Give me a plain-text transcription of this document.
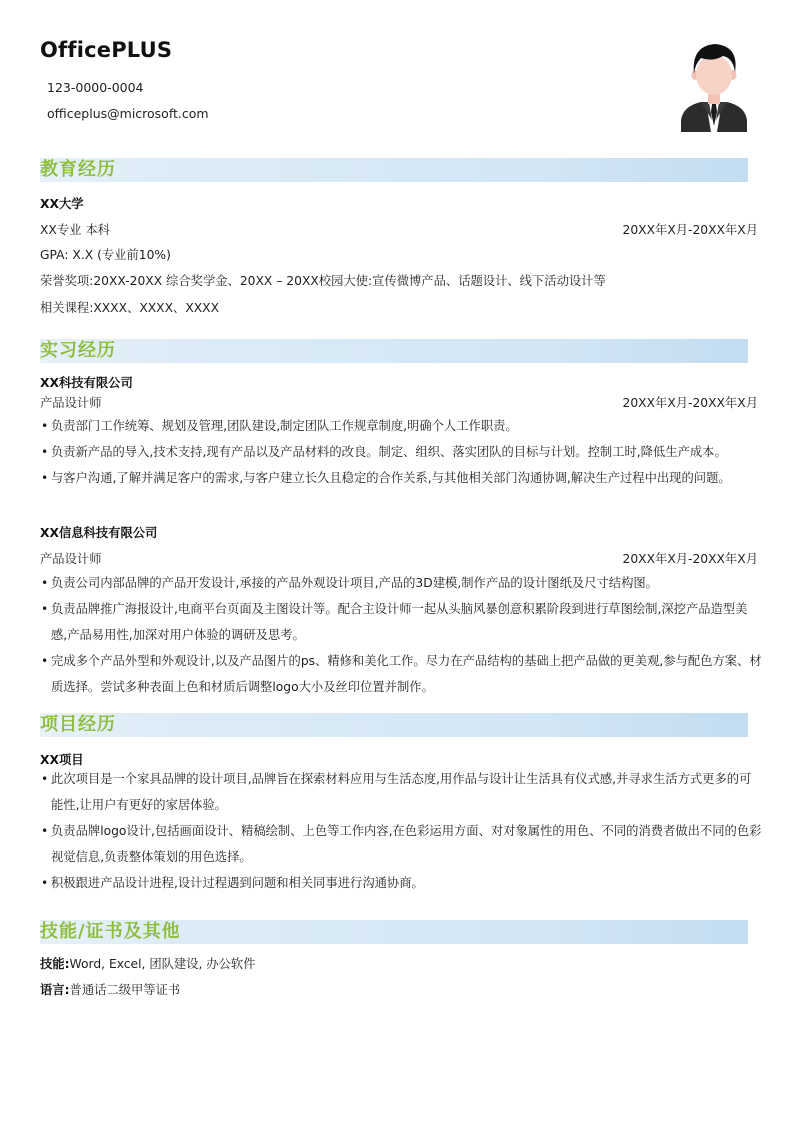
OfficePLUS
123-0000-0004
officeplus@microsoft.com
教育经历
XX大学
XX专业 本科	20XX年X月-20XX年X月
GPA: X.X (专业前10%)
荣誉奖项:20XX-20XX 综合奖学金、20XX – 20XX校园大使:宣传微博产品、话题设计、线下活动设计等
相关课程:XXXX、XXXX、XXXX
实习经历
XX科技有限公司
产品设计师	20XX年X月-20XX年X月
• 负责部门工作统筹、规划及管理,团队建设,制定团队工作规章制度,明确个人工作职责。
• 负责新产品的导入,技术支持,现有产品以及产品材料的改良。制定、组织、落实团队的目标与计划。控制工时,降低生产成本。
• 与客户沟通,了解并满足客户的需求,与客户建立长久且稳定的合作关系,与其他相关部门沟通协调,解决生产过程中出现的问题。
XX信息科技有限公司
产品设计师	20XX年X月-20XX年X月
• 负责公司内部品牌的产品开发设计,承接的产品外观设计项目,产品的3D建模,制作产品的设计图纸及尺寸结构图。
• 负责品牌推广海报设计,电商平台页面及主图设计等。配合主设计师一起从头脑风暴创意积累阶段到进行草图绘制,深挖产品造型美感,产品易用性,加深对用户体验的调研及思考。
• 完成多个产品外型和外观设计,以及产品图片的ps、精修和美化工作。尽力在产品结构的基础上把产品做的更美观,参与配色方案、材质选择。尝试多种表面上色和材质后调整logo大小及丝印位置并制作。
项目经历
XX项目
• 此次项目是一个家具品牌的设计项目,品牌旨在探索材料应用与生活态度,用作品与设计让生活具有仪式感,并寻求生活方式更多的可能性,让用户有更好的家居体验。
• 负责品牌logo设计,包括画面设计、精稿绘制、上色等工作内容,在色彩运用方面、对对象属性的用色、不同的消费者做出不同的色彩视觉信息,负责整体策划的用色选择。
• 积极跟进产品设计进程,设计过程遇到问题和相关同事进行沟通协商。
技能/证书及其他
技能:Word, Excel, 团队建设, 办公软件
语言:普通话二级甲等证书
